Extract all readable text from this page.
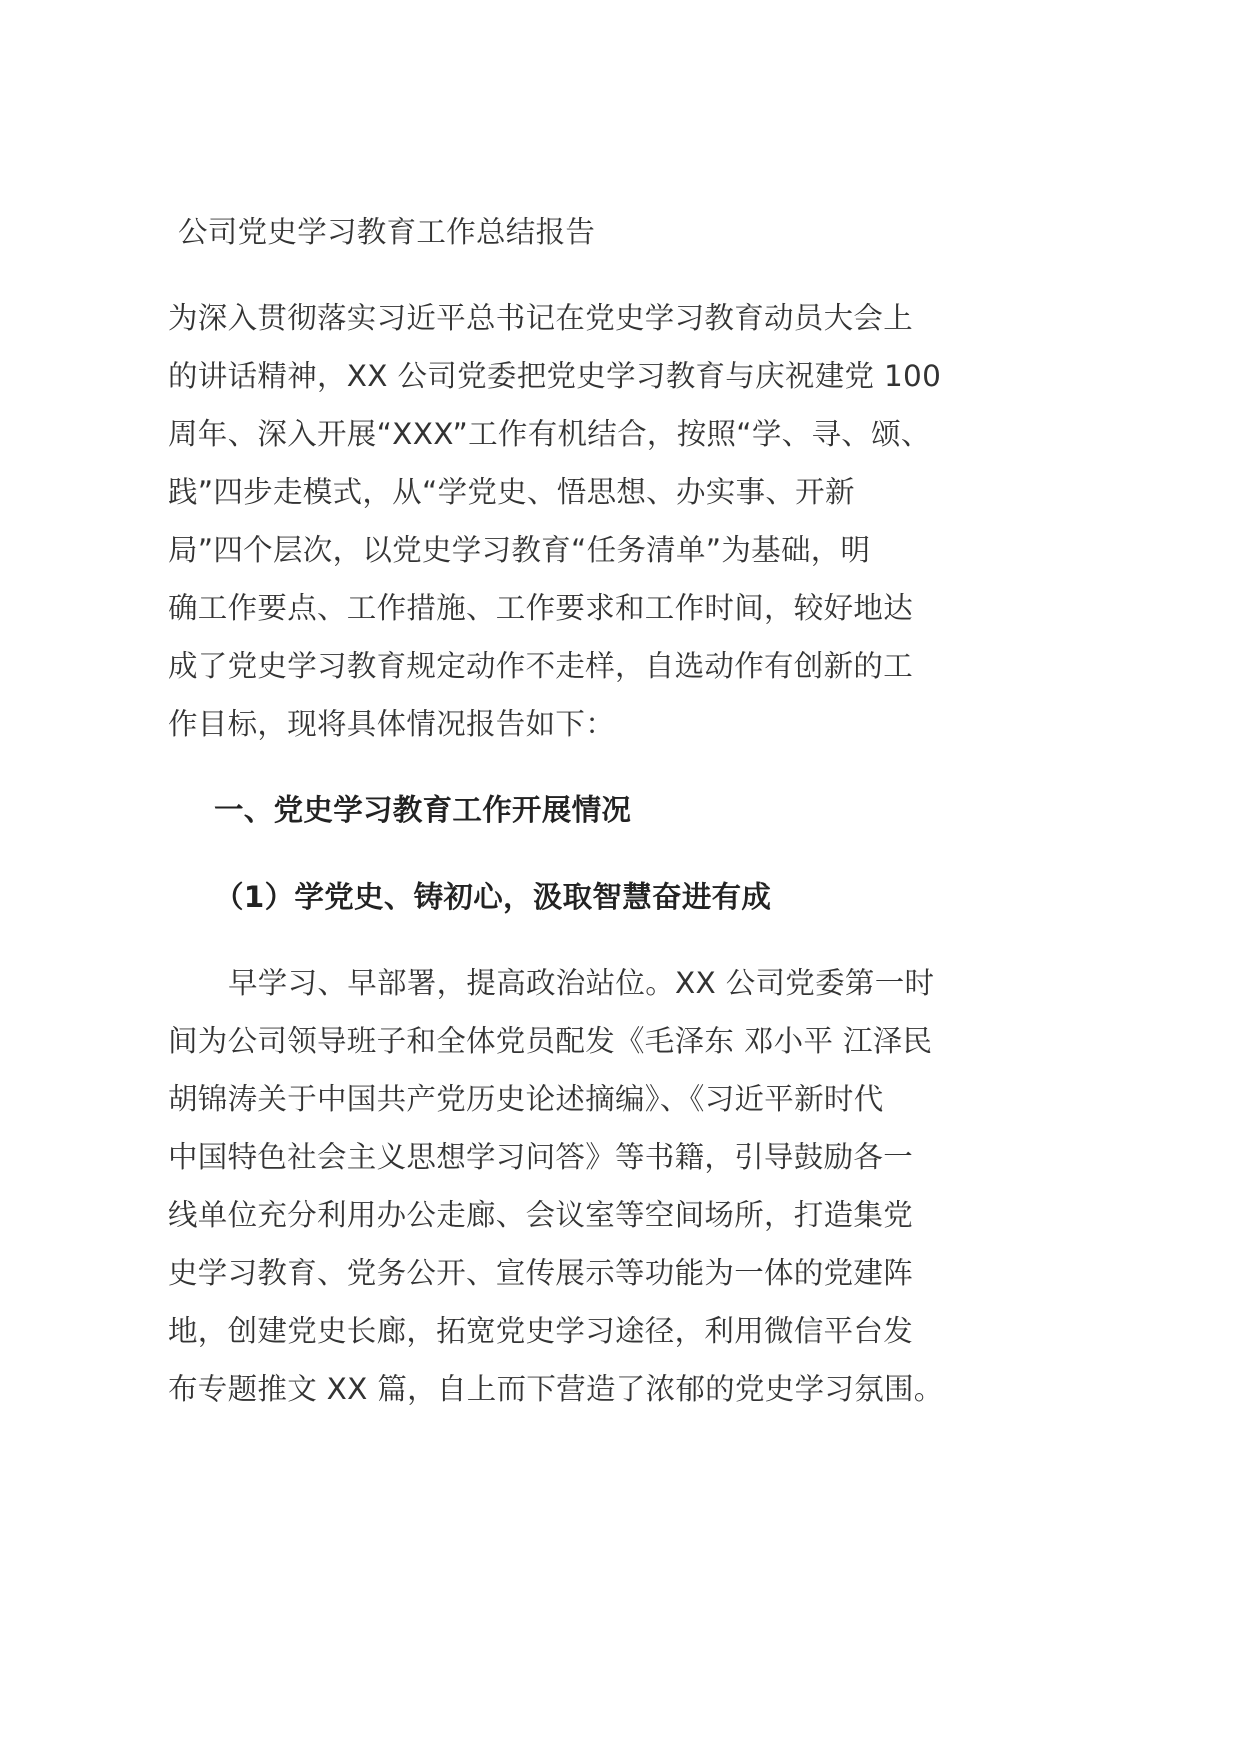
公司党史学习教育工作总结报告
为深入贯彻落实习近平总书记在党史学习教育动员大会上
的讲话精神，XX 公司党委把党史学习教育与庆祝建党 100
周年、深入开展“XXX”工作有机结合，按照“学、寻、颂、
践”四步走模式，从“学党史、悟思想、办实事、开新
局”四个层次，以党史学习教育“任务清单”为基础，明
确工作要点、工作措施、工作要求和工作时间，较好地达
成了党史学习教育规定动作不走样，自选动作有创新的工
作目标，现将具体情况报告如下：
一、党史学习教育工作开展情况
（1）学党史、铸初心，汲取智慧奋进有成
早学习、早部署，提高政治站位。XX 公司党委第一时
间为公司领导班子和全体党员配发《毛泽东 邓小平 江泽民
胡锦涛关于中国共产党历史论述摘编》、《习近平新时代
中国特色社会主义思想学习问答》等书籍，引导鼓励各一
线单位充分利用办公走廊、会议室等空间场所，打造集党
史学习教育、党务公开、宣传展示等功能为一体的党建阵
地，创建党史长廊，拓宽党史学习途径，利用微信平台发
布专题推文 XX 篇，自上而下营造了浓郁的党史学习氛围。
